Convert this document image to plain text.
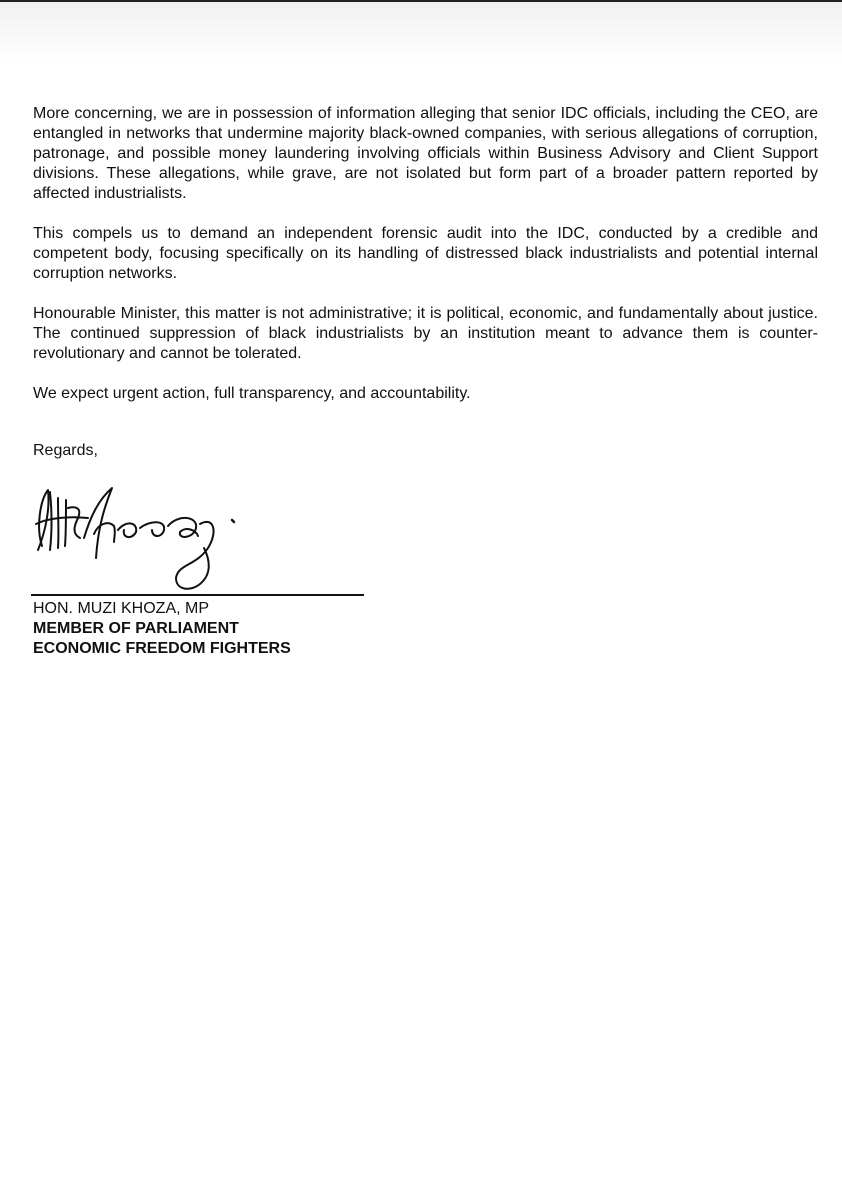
More concerning, we are in possession of information alleging that senior IDC officials, including the CEO, are entangled in networks that undermine majority black-owned companies, with serious allegations of corruption, patronage, and possible money laundering involving officials within Business Advisory and Client Support divisions. These allegations, while grave, are not isolated but form part of a broader pattern reported by affected industrialists.

This compels us to demand an independent forensic audit into the IDC, conducted by a credible and competent body, focusing specifically on its handling of distressed black industrialists and potential internal corruption networks.

Honourable Minister, this matter is not administrative; it is political, economic, and fundamentally about justice. The continued suppression of black industrialists by an institution meant to advance them is counter-revolutionary and cannot be tolerated.

We expect urgent action, full transparency, and accountability.

Regards,
HON. MUZI KHOZA, MP
MEMBER OF PARLIAMENT
ECONOMIC FREEDOM FIGHTERS
